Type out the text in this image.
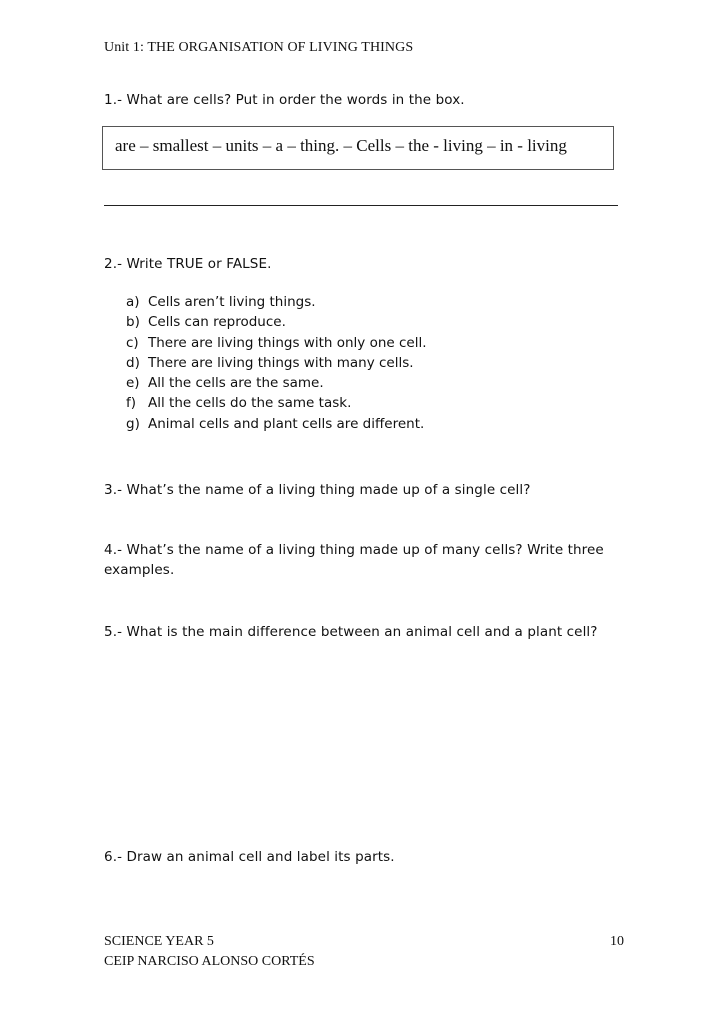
Unit 1: THE ORGANISATION OF LIVING THINGS
1.- What are cells? Put in order the words in the box.
are – smallest – units – a – thing. – Cells – the - living – in - living
2.- Write TRUE or FALSE.
a) Cells aren’t living things.
b) Cells can reproduce.
c) There are living things with only one cell.
d) There are living things with many cells.
e) All the cells are the same.
f) All the cells do the same task.
g) Animal cells and plant cells are different.
3.- What’s the name of a living thing made up of a single cell?
4.- What’s the name of a living thing made up of many cells? Write three
examples.
5.- What is the main difference between an animal cell and a plant cell?
6.- Draw an animal cell and label its parts.
SCIENCE YEAR 5
CEIP NARCISO ALONSO CORTÉS
10
